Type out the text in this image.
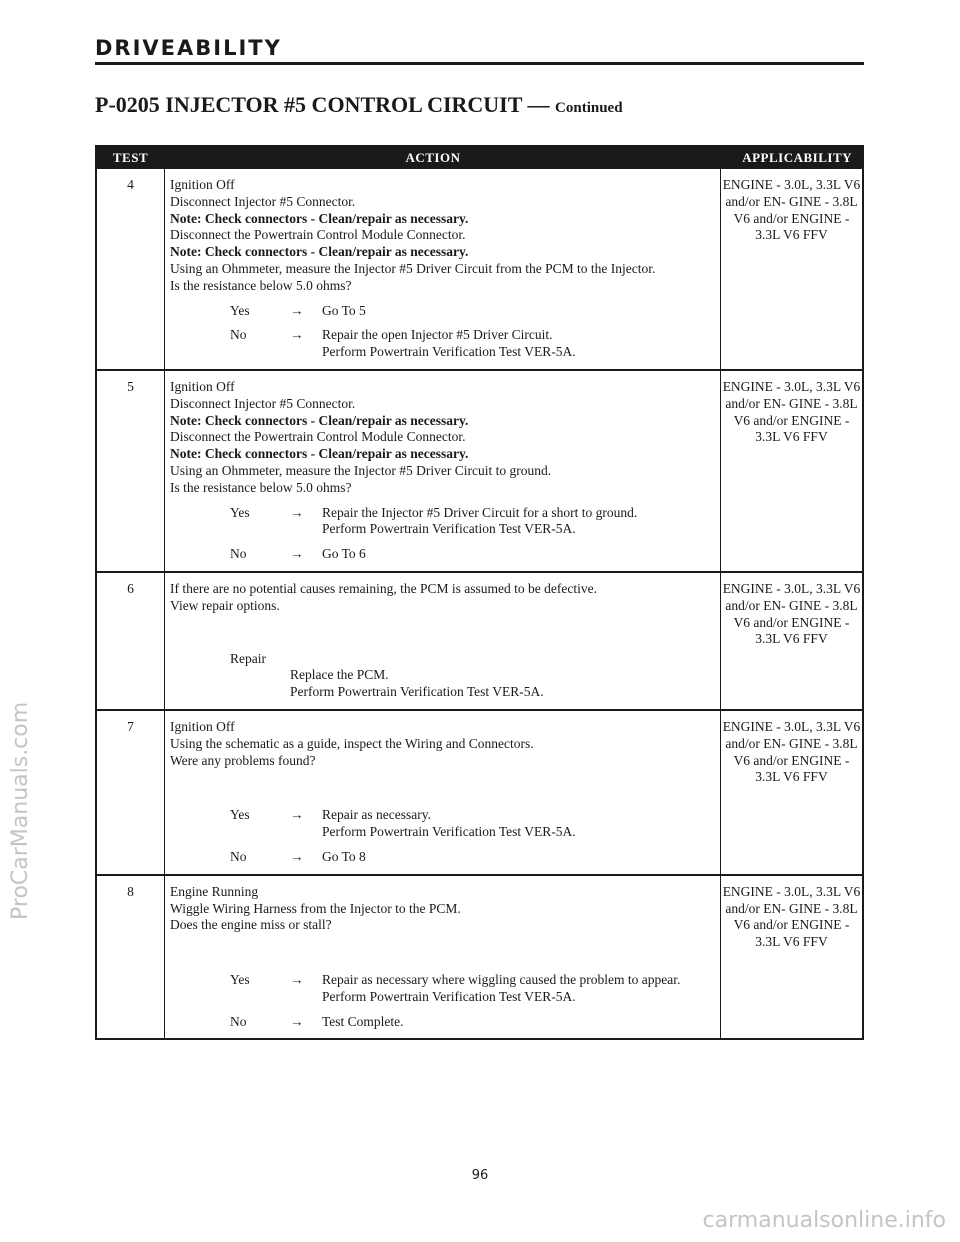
DRIVEABILITY
P-0205 INJECTOR #5 CONTROL CIRCUIT — Continued
TEST	ACTION	APPLICABILITY
4	Ignition Off
Disconnect Injector #5 Connector.
Note: Check connectors - Clean/repair as necessary.
Disconnect the Powertrain Control Module Connector.
Note: Check connectors - Clean/repair as necessary.
Using an Ohmmeter, measure the Injector #5 Driver Circuit from the PCM to the Injector.
Is the resistance below 5.0 ohms?
Yes	→	Go To 5
No	→	Repair the open Injector #5 Driver Circuit.
Perform Powertrain Verification Test VER-5A.
ENGINE - 3.0L, 3.3L V6 and/or EN- GINE - 3.8L V6 and/or ENGINE - 3.3L V6 FFV
5	Ignition Off
Disconnect Injector #5 Connector.
Note: Check connectors - Clean/repair as necessary.
Disconnect the Powertrain Control Module Connector.
Note: Check connectors - Clean/repair as necessary.
Using an Ohmmeter, measure the Injector #5 Driver Circuit to ground.
Is the resistance below 5.0 ohms?
Yes	→	Repair the Injector #5 Driver Circuit for a short to ground.
Perform Powertrain Verification Test VER-5A.
No	→	Go To 6
ENGINE - 3.0L, 3.3L V6 and/or EN- GINE - 3.8L V6 and/or ENGINE - 3.3L V6 FFV
6	If there are no potential causes remaining, the PCM is assumed to be defective.
View repair options.
Repair
Replace the PCM.
Perform Powertrain Verification Test VER-5A.
ENGINE - 3.0L, 3.3L V6 and/or EN- GINE - 3.8L V6 and/or ENGINE - 3.3L V6 FFV
7	Ignition Off
Using the schematic as a guide, inspect the Wiring and Connectors.
Were any problems found?
Yes	→	Repair as necessary.
Perform Powertrain Verification Test VER-5A.
No	→	Go To 8
ENGINE - 3.0L, 3.3L V6 and/or EN- GINE - 3.8L V6 and/or ENGINE - 3.3L V6 FFV
8	Engine Running
Wiggle Wiring Harness from the Injector to the PCM.
Does the engine miss or stall?
Yes	→	Repair as necessary where wiggling caused the problem to appear.
Perform Powertrain Verification Test VER-5A.
No	→	Test Complete.
ENGINE - 3.0L, 3.3L V6 and/or EN- GINE - 3.8L V6 and/or ENGINE - 3.3L V6 FFV
96
ProCarManuals.com
carmanualsonline.info
